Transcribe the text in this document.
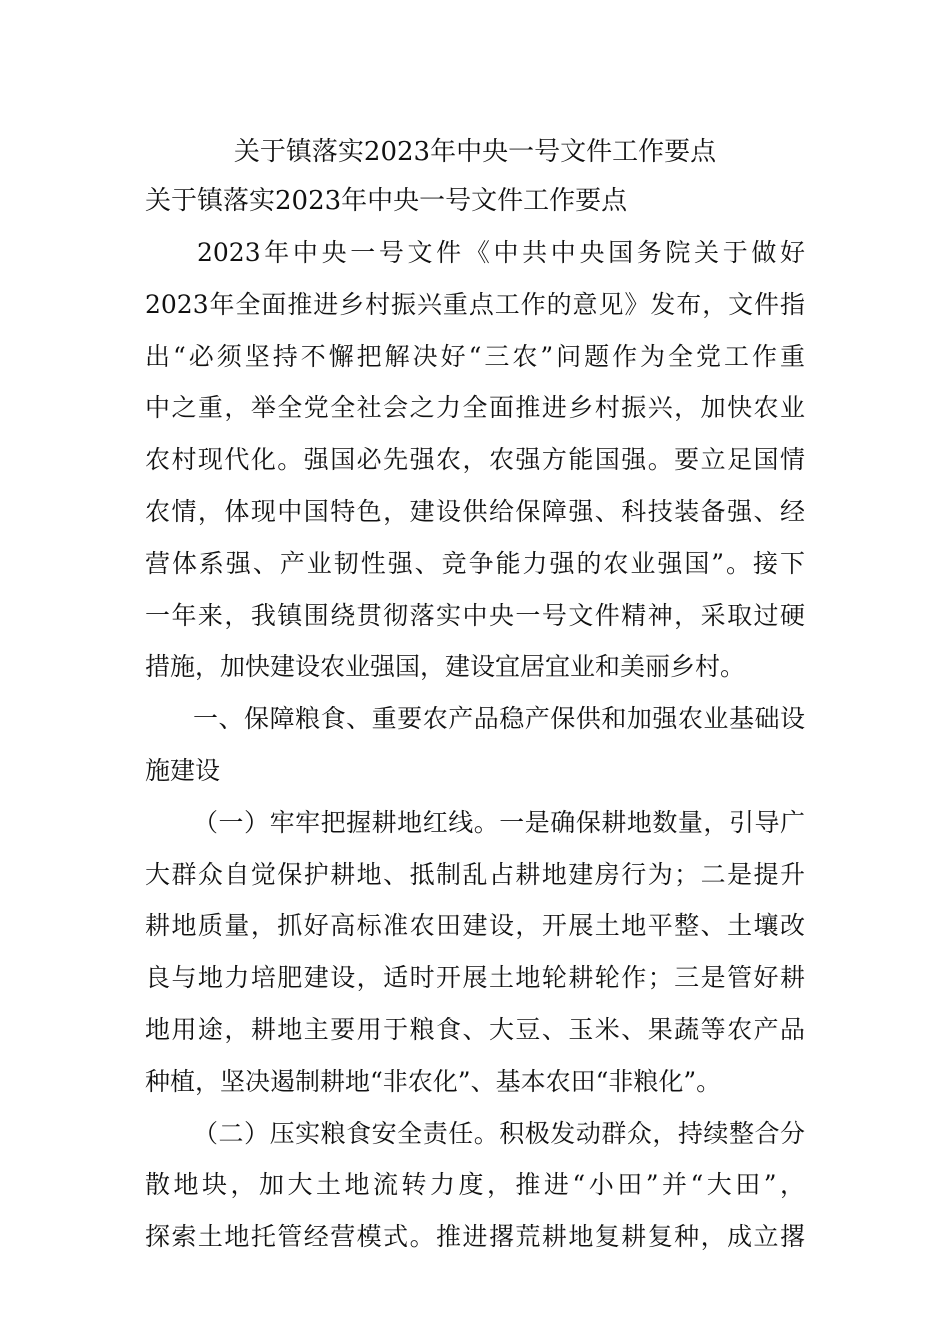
关于镇落实2023年中央一号文件工作要点
关于镇落实2023年中央一号文件工作要点
2023年中央一号文件《中共中央国务院关于做好
2023年全面推进乡村振兴重点工作的意见》发布，文件指
出“必须坚持不懈把解决好“三农”问题作为全党工作重
中之重，举全党全社会之力全面推进乡村振兴，加快农业
农村现代化。强国必先强农，农强方能国强。要立足国情
农情，体现中国特色，建设供给保障强、科技装备强、经
营体系强、产业韧性强、竞争能力强的农业强国”。接下
一年来，我镇围绕贯彻落实中央一号文件精神，采取过硬
措施，加快建设农业强国，建设宜居宜业和美丽乡村。
一、保障粮食、重要农产品稳产保供和加强农业基础设
施建设
（一）牢牢把握耕地红线。一是确保耕地数量，引导广
大群众自觉保护耕地、抵制乱占耕地建房行为；二是提升
耕地质量，抓好高标准农田建设，开展土地平整、土壤改
良与地力培肥建设，适时开展土地轮耕轮作；三是管好耕
地用途，耕地主要用于粮食、大豆、玉米、果蔬等农产品
种植，坚决遏制耕地“非农化”、基本农田“非粮化”。
（二）压实粮食安全责任。积极发动群众，持续整合分
散地块，加大土地流转力度，推进“小田”并“大田”，
探索土地托管经营模式。推进撂荒耕地复耕复种，成立撂
